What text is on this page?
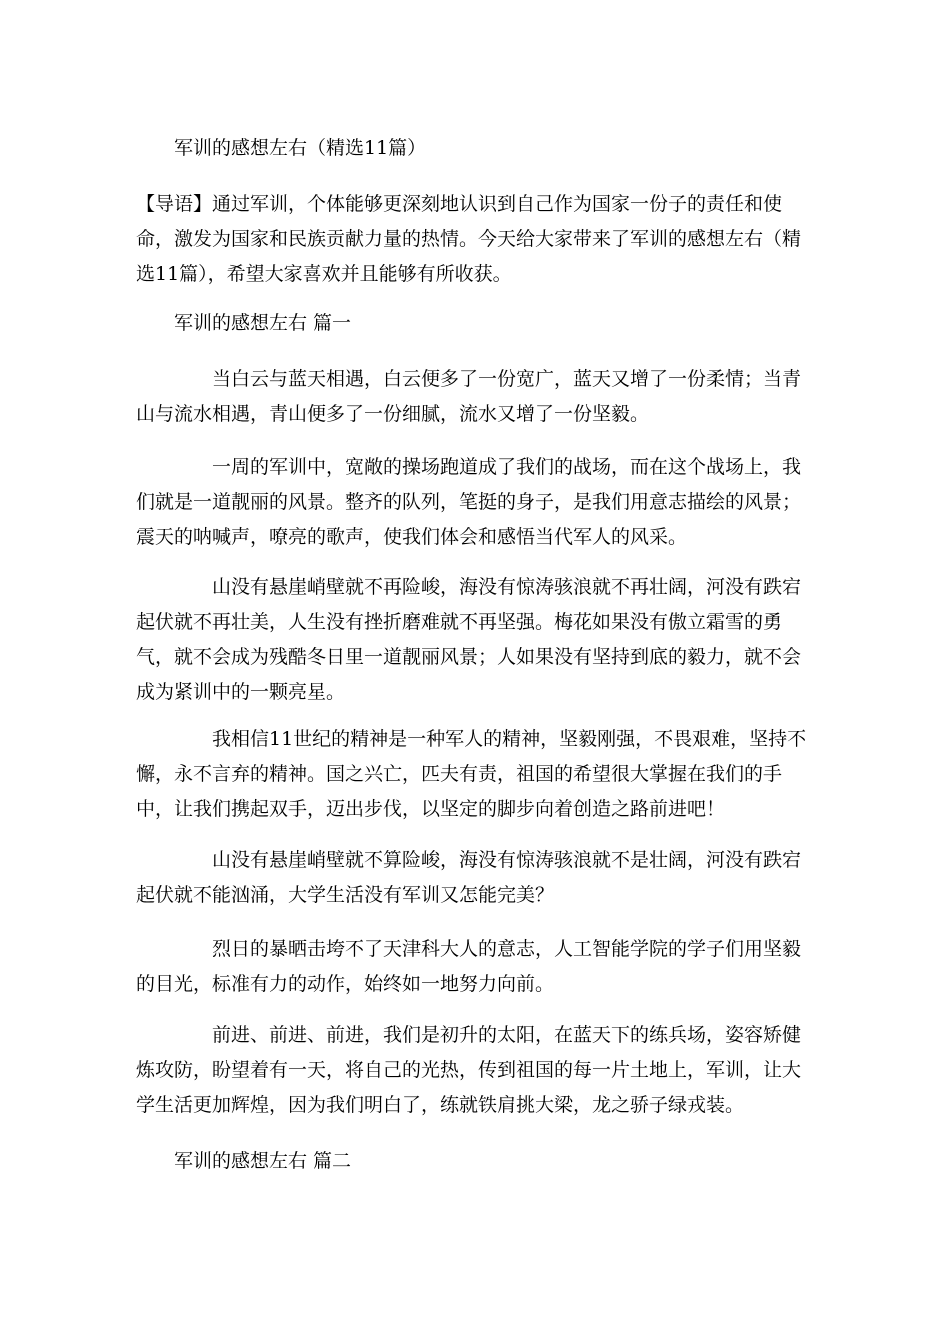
军训的感想左右（精选11篇）

【导语】通过军训，个体能够更深刻地认识到自己作为国家一份子的责任和使命，激发为国家和民族贡献力量的热情。今天给大家带来了军训的感想左右（精选11篇），希望大家喜欢并且能够有所收获。

军训的感想左右 篇一

当白云与蓝天相遇，白云便多了一份宽广，蓝天又增了一份柔情；当青山与流水相遇，青山便多了一份细腻，流水又增了一份坚毅。

一周的军训中，宽敞的操场跑道成了我们的战场，而在这个战场上，我们就是一道靓丽的风景。整齐的队列，笔挺的身子，是我们用意志描绘的风景；震天的呐喊声，嘹亮的歌声，使我们体会和感悟当代军人的风采。

山没有悬崖峭壁就不再险峻，海没有惊涛骇浪就不再壮阔，河没有跌宕起伏就不再壮美，人生没有挫折磨难就不再坚强。梅花如果没有傲立霜雪的勇气，就不会成为残酷冬日里一道靓丽风景；人如果没有坚持到底的毅力，就不会成为紧训中的一颗亮星。

我相信11世纪的精神是一种军人的精神，坚毅刚强，不畏艰难，坚持不懈，永不言弃的精神。国之兴亡，匹夫有责，祖国的希望很大掌握在我们的手中，让我们携起双手，迈出步伐，以坚定的脚步向着创造之路前进吧！

山没有悬崖峭壁就不算险峻，海没有惊涛骇浪就不是壮阔，河没有跌宕起伏就不能汹涌，大学生活没有军训又怎能完美？

烈日的暴晒击垮不了天津科大人的意志，人工智能学院的学子们用坚毅的目光，标准有力的动作，始终如一地努力向前。

前进、前进、前进，我们是初升的太阳，在蓝天下的练兵场，姿容矫健炼攻防，盼望着有一天，将自己的光热，传到祖国的每一片土地上，军训，让大学生活更加辉煌，因为我们明白了，练就铁肩挑大梁，龙之骄子绿戎装。

军训的感想左右 篇二
